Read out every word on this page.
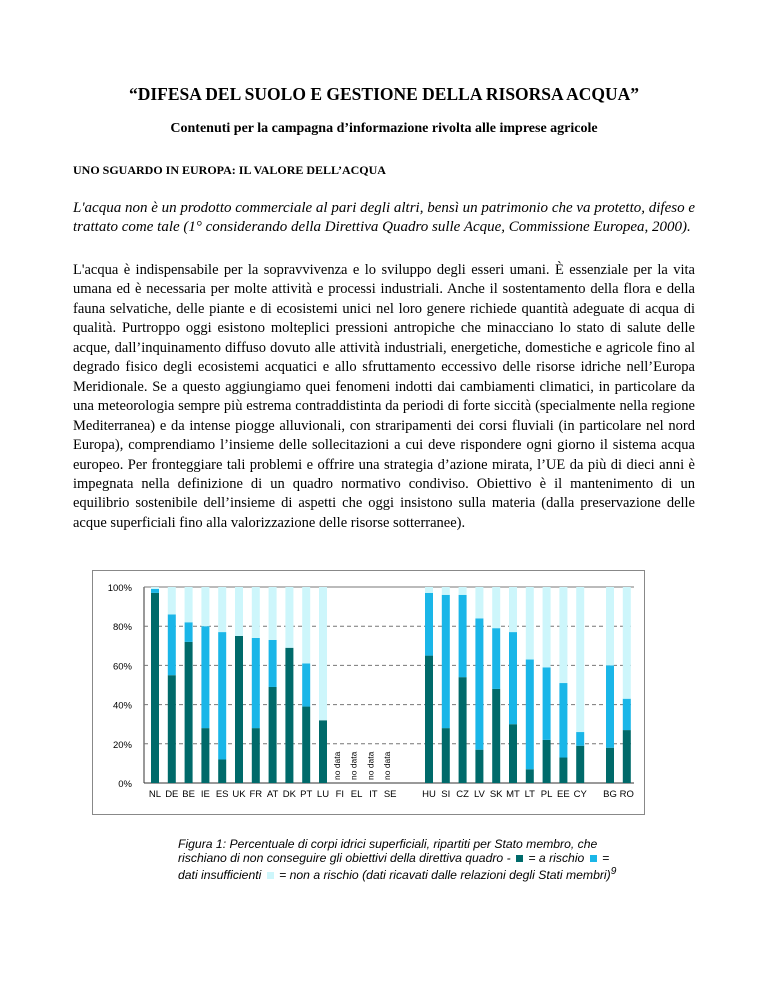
“DIFESA DEL SUOLO E GESTIONE DELLA RISORSA ACQUA”
Contenuti per la campagna d’informazione rivolta alle imprese agricole
UNO SGUARDO IN EUROPA: IL VALORE DELL’ACQUA

L'acqua non è un prodotto commerciale al pari degli altri, bensì un patrimonio che va protetto, difeso e trattato come tale (1° considerando della Direttiva Quadro sulle Acque, Commissione Europea, 2000).

L'acqua è indispensabile per la sopravvivenza e lo sviluppo degli esseri umani. È essenziale per la vita umana ed è necessaria per molte attività e processi industriali. Anche il sostentamento della flora e della fauna selvatiche, delle piante e di ecosistemi unici nel loro genere richiede quantità adeguate di acqua di qualità. Purtroppo oggi esistono molteplici pressioni antropiche che minacciano lo stato di salute delle acque, dall’inquinamento diffuso dovuto alle attività industriali, energetiche, domestiche e agricole fino al degrado fisico degli ecosistemi acquatici e allo sfruttamento eccessivo delle risorse idriche nell’Europa Meridionale. Se a questo aggiungiamo quei fenomeni indotti dai cambiamenti climatici, in particolare da una meteorologia sempre più estrema contraddistinta da periodi di forte siccità (specialmente nella regione Mediterranea) e da intense piogge alluvionali, con straripamenti dei corsi fluviali (in particolare nel nord Europa), comprendiamo l’insieme delle sollecitazioni a cui deve rispondere ogni giorno il sistema acqua europeo. Per fronteggiare tali problemi e offrire una strategia d’azione mirata, l’UE da più di dieci anni è impegnata nella definizione di un quadro normativo condiviso. Obiettivo è il mantenimento di un equilibrio sostenibile dell’insieme di aspetti che oggi insistono sulla materia (dalla preservazione delle acque superficiali fino alla valorizzazione delle risorse sotterranee).

0%
20%
40%
60%
80%
100%
NL DE BE IE ES UK FR AT DK PT LU
no data
FI
no data
EL
no data
IT
no data
SE	HU SI CZ LV SK MT LT PL EE CY BG RO

Figura 1: Percentuale di corpi idrici superficiali, ripartiti per Stato membro, che rischiano di non conseguire gli obiettivi della direttiva quadro -  = a rischio = dati insufficienti = non a rischio (dati ricavati dalle relazioni degli Stati membri)$^9$
